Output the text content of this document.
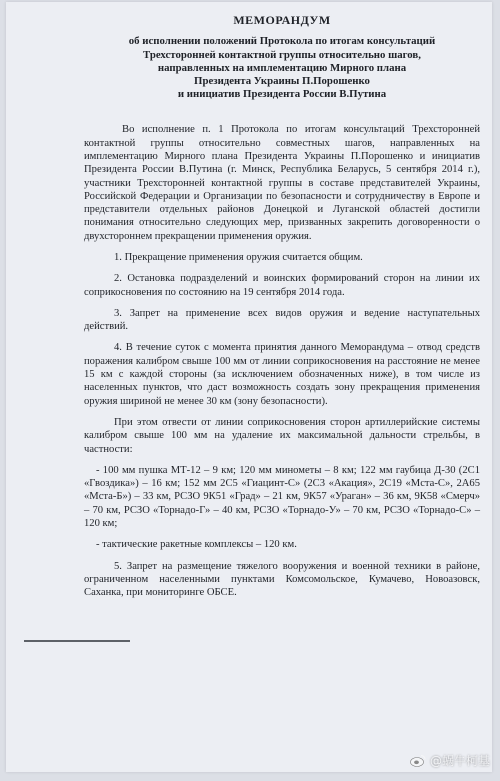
МЕМОРАНДУМ
об исполнении положений Протокола по итогам консультаций
Трехсторонней контактной группы относительно шагов,
направленных на имплементацию Мирного плана
Президента Украины П.Порошенко
и инициатив Президента России В.Путина

Во исполнение п. 1 Протокола по итогам консультаций Трехсторонней контактной группы относительно совместных шагов, направленных на имплементацию Мирного плана Президента Украины П.Порошенко и инициатив Президента России В.Путина (г. Минск, Республика Беларусь, 5 сентября 2014 г.), участники Трехсторонней контактной группы в составе представителей Украины, Российской Федерации и Организации по безопасности и сотрудничеству в Европе и представители отдельных районов Донецкой и Луганской областей достигли понимания относительно следующих мер, призванных закрепить договоренности о двухстороннем прекращении применения оружия.

1. Прекращение применения оружия считается общим.

2. Остановка подразделений и воинских формирований сторон на линии их соприкосновения по состоянию на 19 сентября 2014 года.

3. Запрет на применение всех видов оружия и ведение наступательных действий.

4. В течение суток с момента принятия данного Меморандума – отвод средств поражения калибром свыше 100 мм от линии соприкосновения на расстояние не менее 15 км с каждой стороны (за исключением обозначенных ниже), в том числе из населенных пунктов, что даст возможность создать зону прекращения применения оружия шириной не менее 30 км (зону безопасности).

При этом отвести от линии соприкосновения сторон артиллерийские системы калибром свыше 100 мм на удаление их максимальной дальности стрельбы, в частности:

- 100 мм пушка МТ-12 – 9 км; 120 мм минометы – 8 км; 122 мм гаубица Д-30 (2С1 «Гвоздика») – 16 км; 152 мм 2С5 «Гиацинт-С» (2С3 «Акация», 2С19 «Мста-С», 2А65 «Мста-Б») – 33 км, РСЗО 9К51 «Град» – 21 км, 9К57 «Ураган» – 36 км, 9К58 «Смерч» – 70 км, РСЗО «Торнадо-Г» – 40 км, РСЗО «Торнадо-У» – 70 км, РСЗО «Торнадо-С» – 120 км;

- тактические ракетные комплексы – 120 км.

5. Запрет на размещение тяжелого вооружения и военной техники в районе, ограниченном населенными пунктами Комсомольское, Кумачево, Новоазовск, Саханка, при мониторинге ОБСЕ.

@蜗牛柯基
